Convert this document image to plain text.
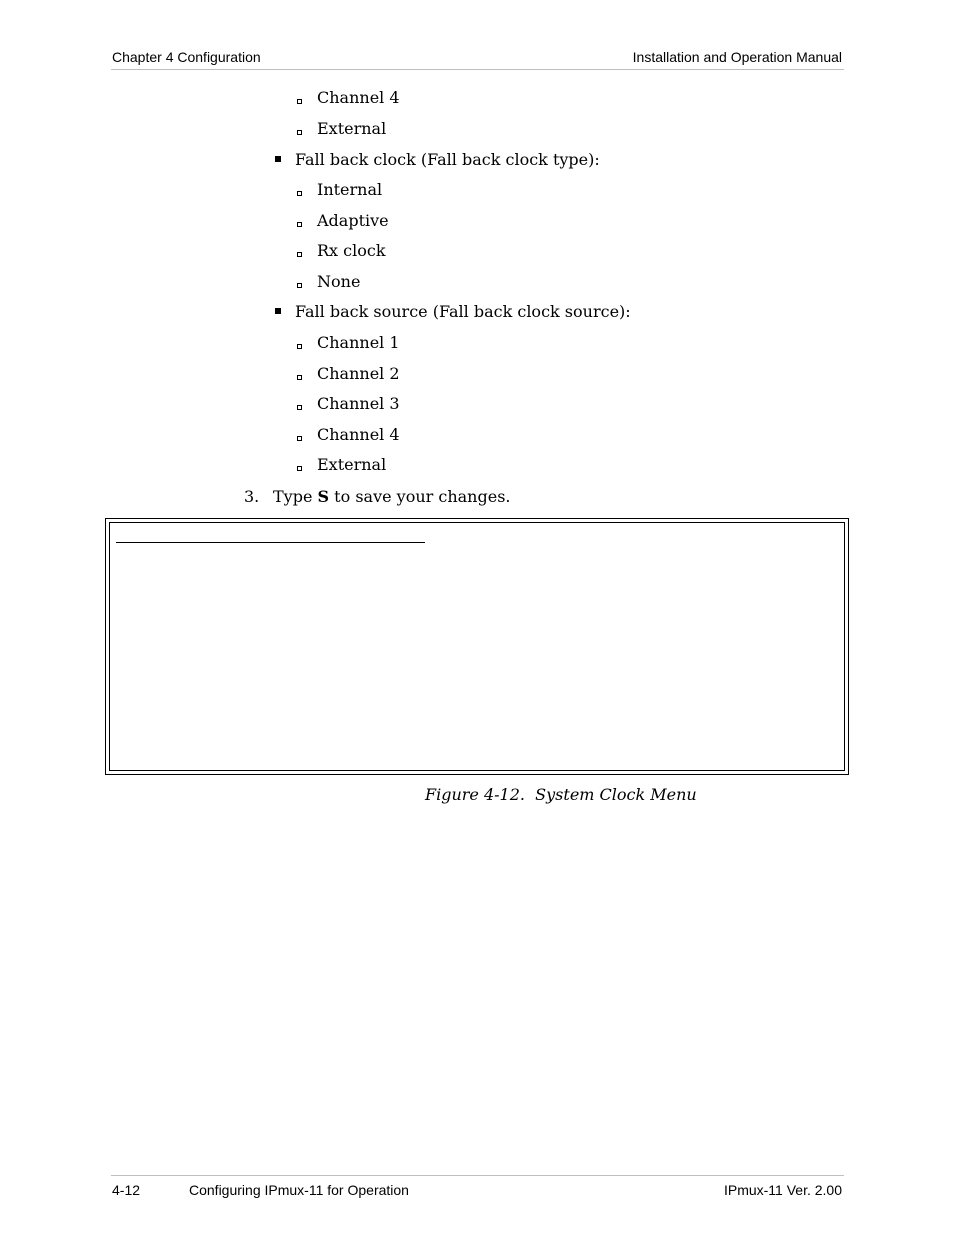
Chapter 4 Configuration	Installation and Operation Manual
Channel 4
External
Fall back clock (Fall back clock type):
Internal
Adaptive
Rx clock
None
Fall back source (Fall back clock source):
Channel 1
Channel 2
Channel 3
Channel 4
External
3. Type S to save your changes.
Figure 4-12.  System Clock Menu
4-12	Configuring IPmux-11 for Operation	IPmux-11 Ver. 2.00
